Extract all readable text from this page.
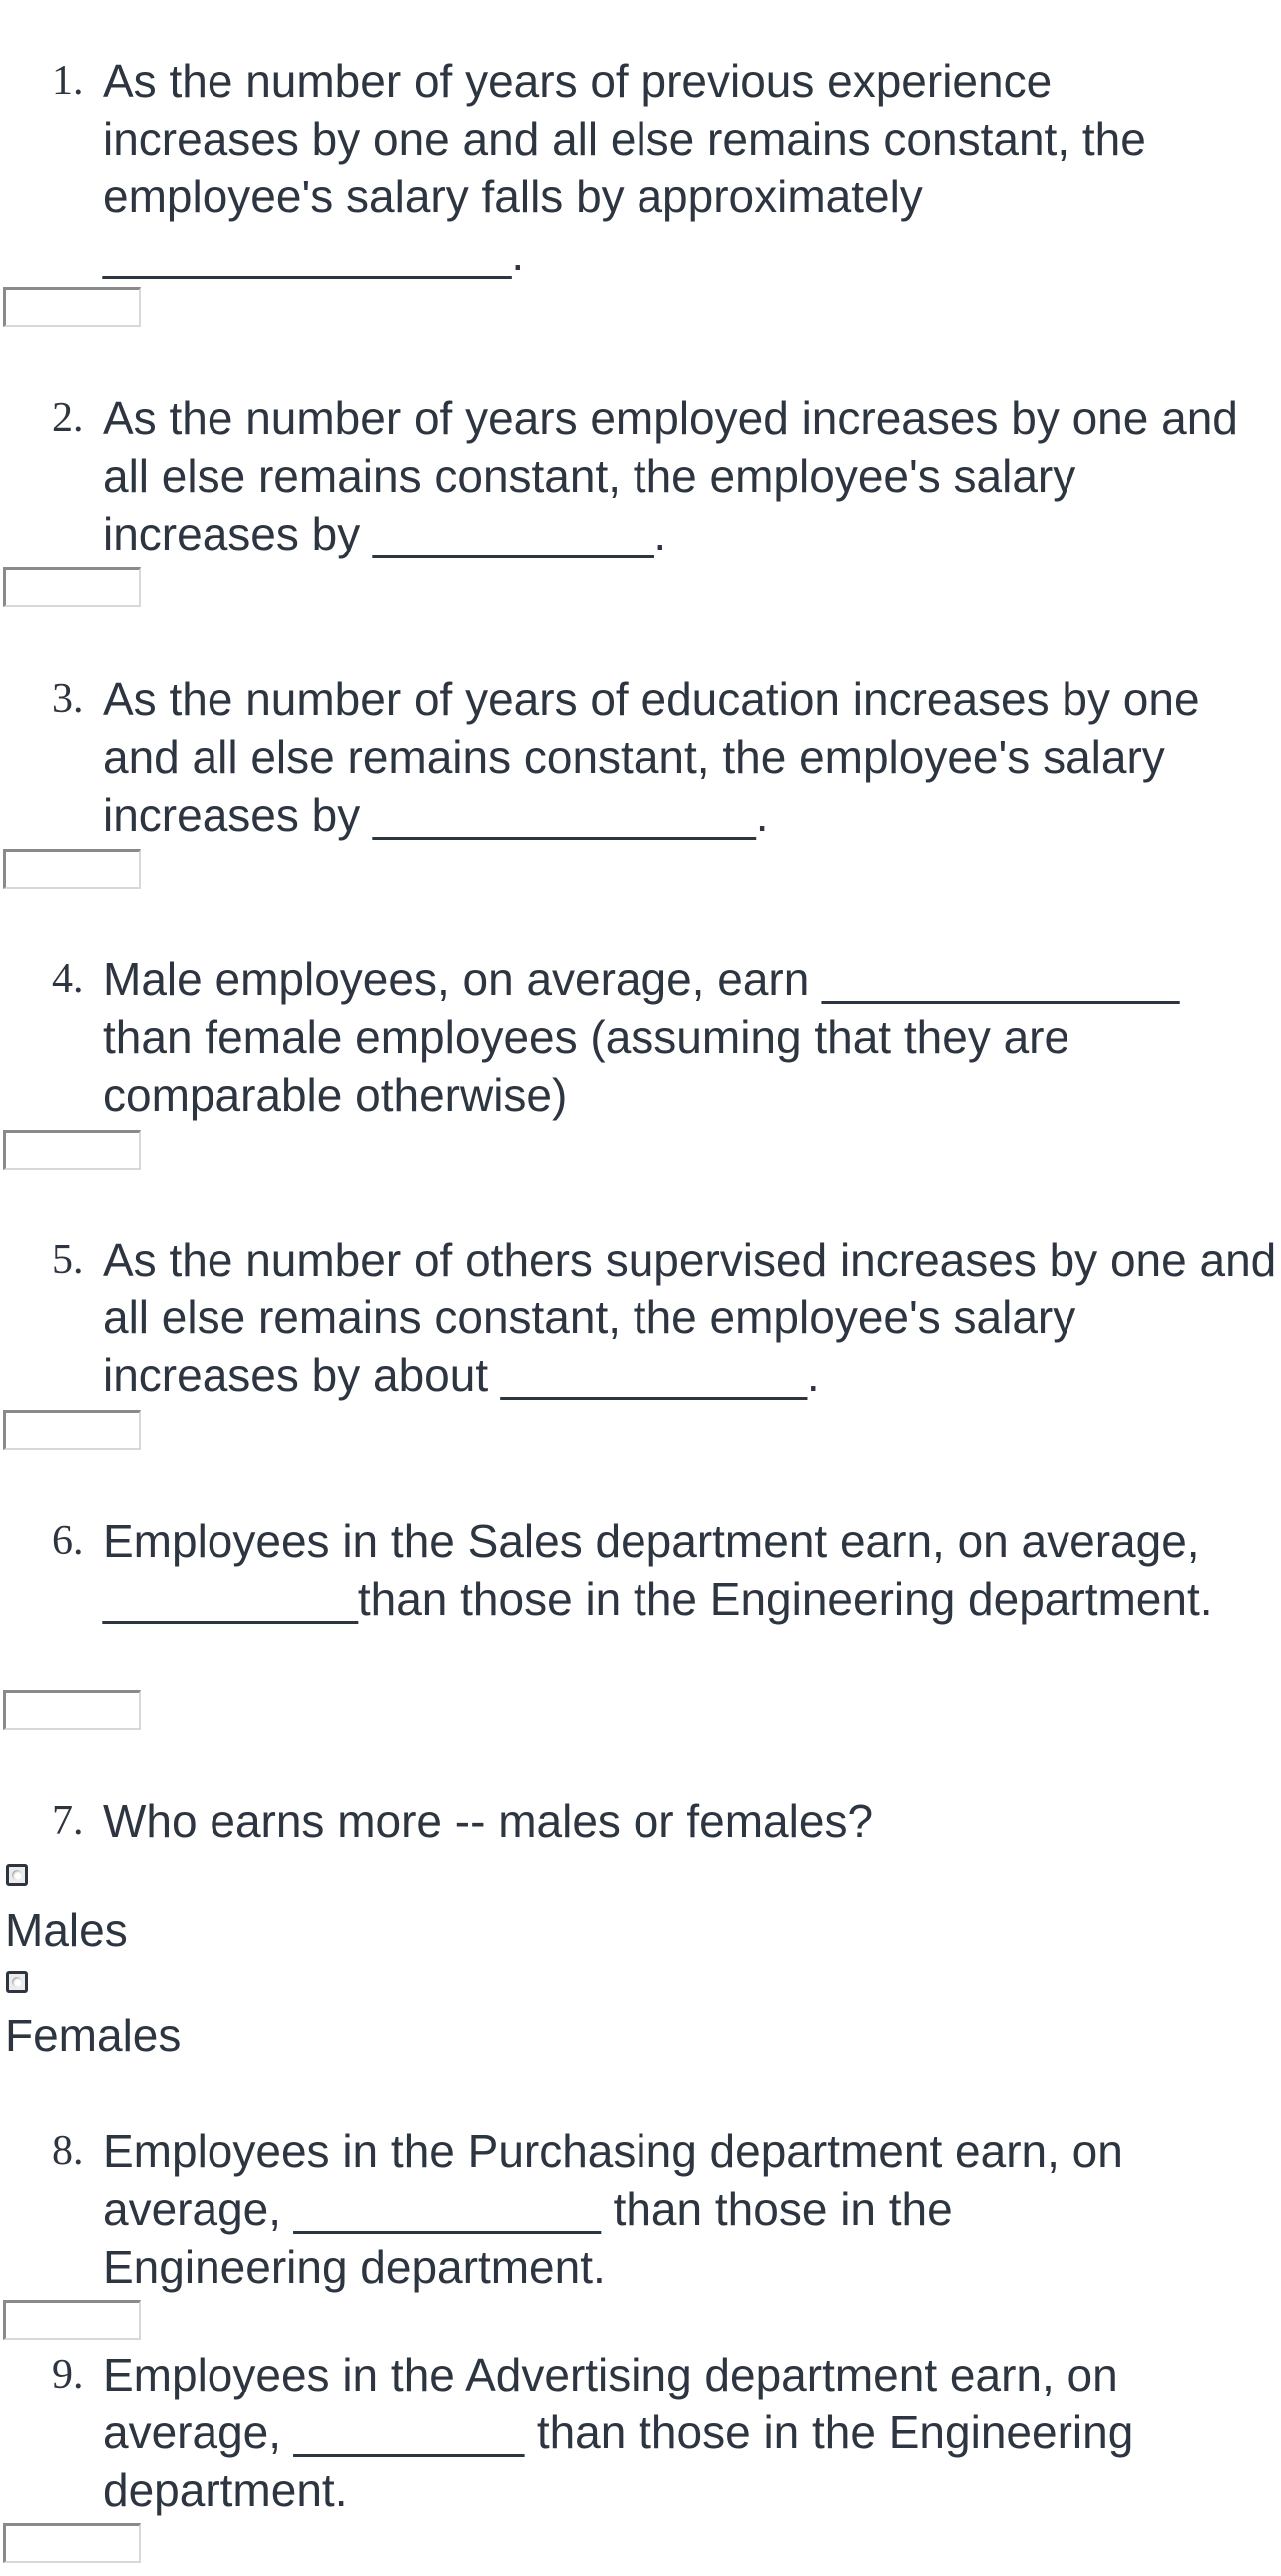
1. As the number of years of previous experience increases by one and all else remains constant, the employee's salary falls by approximately ________________.

2. As the number of years employed increases by one and all else remains constant, the employee's salary increases by ___________.

3. As the number of years of education increases by one and all else remains constant, the employee's salary increases by _______________.

4. Male employees, on average, earn ______________ than female employees (assuming that they are comparable otherwise)

5. As the number of others supervised increases by one and all else remains constant, the employee's salary increases by about ____________.

6. Employees in the Sales department earn, on average, __________than those in the Engineering department.

7. Who earns more -- males or females?

Males
Females
8. Employees in the Purchasing department earn, on average, ____________ than those in the Engineering department.

9. Employees in the Advertising department earn, on average, _________ than those in the Engineering department.
